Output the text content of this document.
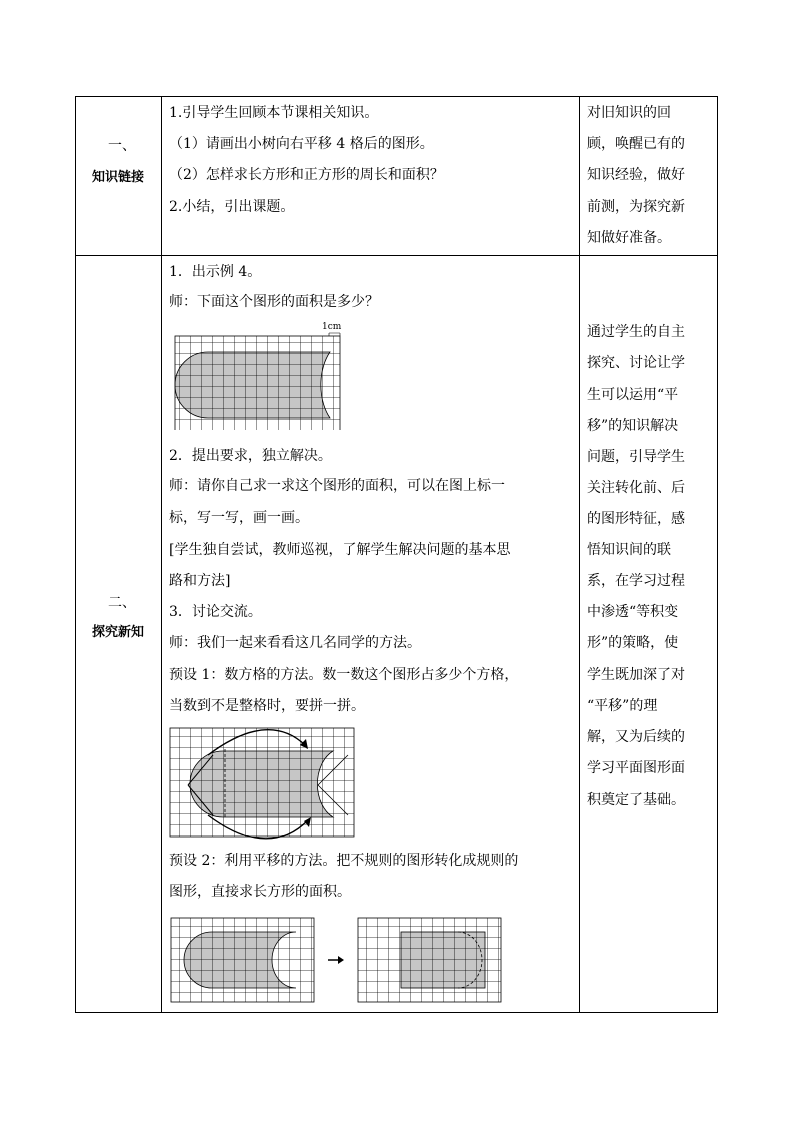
一、
知识链接
1.引导学生回顾本节课相关知识。
（1）请画出小树向右平移 4 格后的图形。
（2）怎样求长方形和正方形的周长和面积？
2.小结，引出课题。
对旧知识的回
顾，唤醒已有的
知识经验，做好
前测，为探究新
知做好准备。
二、
探究新知
1．出示例 4。
师：下面这个图形的面积是多少？
1cm
2．提出要求，独立解决。
师：请你自己求一求这个图形的面积，可以在图上标一
标，写一写，画一画。
[学生独自尝试，教师巡视，了解学生解决问题的基本思
路和方法]
3．讨论交流。
师：我们一起来看看这几名同学的方法。
预设 1：数方格的方法。数一数这个图形占多少个方格，
当数到不是整格时，要拼一拼。
预设 2：利用平移的方法。把不规则的图形转化成规则的
图形，直接求长方形的面积。
通过学生的自主
探究、讨论让学
生可以运用“平
移”的知识解决
问题，引导学生
关注转化前、后
的图形特征，感
悟知识间的联
系，在学习过程
中渗透“等积变
形”的策略，使
学生既加深了对
“平移”的理
解，又为后续的
学习平面图形面
积奠定了基础。
